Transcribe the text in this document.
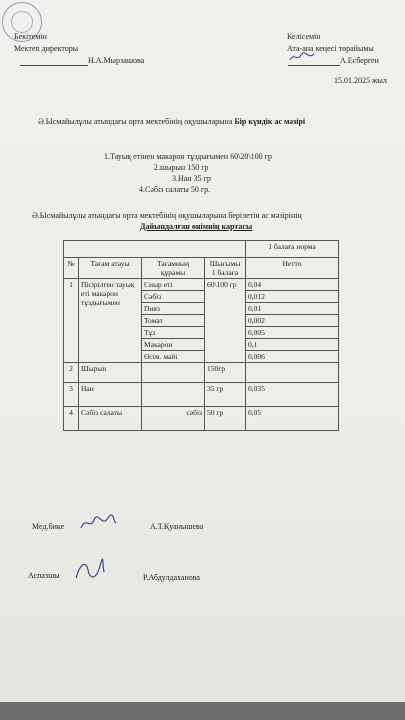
Бекітемін
Мектеп директоры
Н.А.Мырзашова
Келісемін
Ата-ана кеңесі төрайымы
А.Есберген
15.01.2025 жыл
Ә.Ысмайылұлы атындағы орта мектебінің оқушыларына Бір күндік ас мәзірі
1.Тауық етінен макарон тұздығымен 60\20\100 гр
2.шырын 150 гр
3.Нан 35 гр
4.Сәбіз салаты 50 гр.
Ә.Ысмайылұлы атындағы орта мектебінің оқушыларына берілетін ас мәзірінің
Дайындалған өнімнің картасы
				1 балаға норма
№	Тағам атауы	Тағамның құрамы	Шығымы 1 балаға	Нетто
1	Пісірілген тауық еті макарон тұздығымен	Сиыр еті	60\100 гр	0,04
		Сәбіз		0,012
		Пияз		0,01
		Томат		0,002
		Тұз		0,005
		Макарон		0,1
		Өсім. майі		0,006
2	Шырын		150гр	
3	Нан		35 гр	0,035
4	Сәбіз салаты	сәбіз	50 гр	0,05
Мед.бике	А.Т.Қуанышева
Аспазшы	Р.Абдулдаханова
